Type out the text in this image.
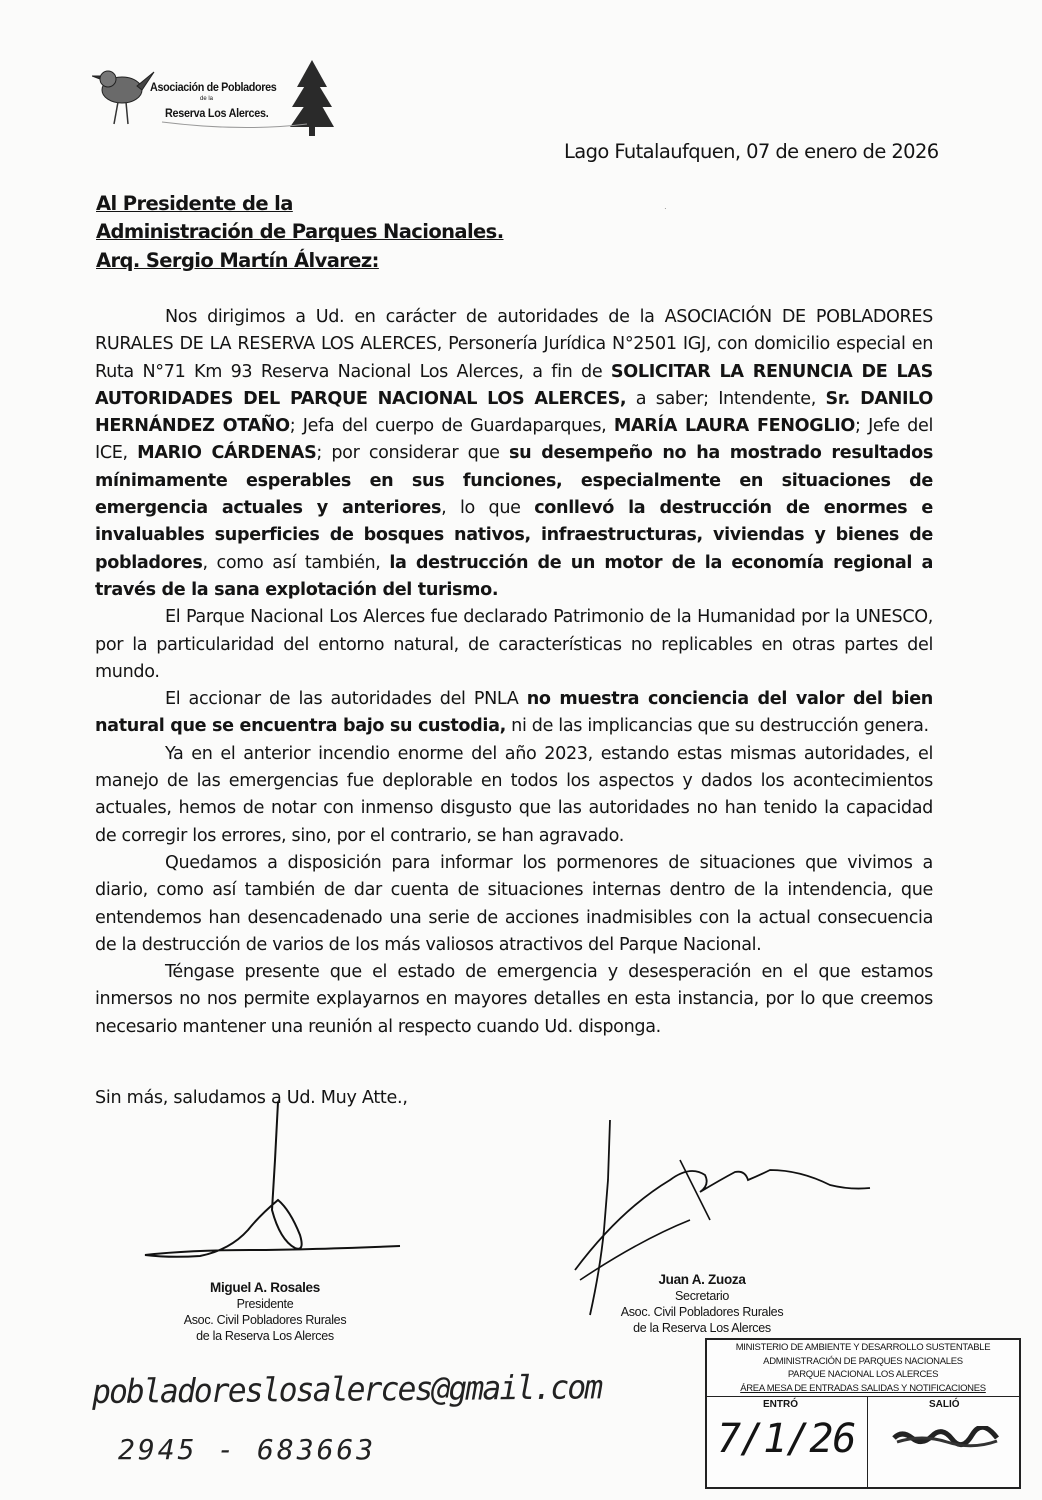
Asociación de Pobladores
de la
Reserva Los Alerces.
·
Lago Futalaufquen, 07 de enero de 2026
Al Presidente de la
Administración de Parques Nacionales.
Arq. Sergio Martín Álvarez:

Nos dirigimos a Ud. en carácter de autoridades de la ASOCIACIÓN DE POBLADORES RURALES DE LA RESERVA LOS ALERCES, Personería Jurídica N°2501 IGJ, con domicilio especial en Ruta N°71 Km 93 Reserva Nacional Los Alerces, a fin de SOLICITAR LA RENUNCIA DE LAS AUTORIDADES DEL PARQUE NACIONAL LOS ALERCES, a saber; Intendente, Sr. DANILO HERNÁNDEZ OTAÑO; Jefa del cuerpo de Guardaparques, MARÍA LAURA FENOGLIO; Jefe del ICE, MARIO CÁRDENAS; por considerar que su desempeño no ha mostrado resultados mínimamente esperables en sus funciones, especialmente en situaciones de emergencia actuales y anteriores, lo que conllevó la destrucción de enormes e invaluables superficies de bosques nativos, infraestructuras, viviendas y bienes de pobladores, como así también, la destrucción de un motor de la economía regional a través de la sana explotación del turismo.

El Parque Nacional Los Alerces fue declarado Patrimonio de la Humanidad por la UNESCO, por la particularidad del entorno natural, de características no replicables en otras partes del mundo.

El accionar de las autoridades del PNLA no muestra conciencia del valor del bien natural que se encuentra bajo su custodia, ni de las implicancias que su destrucción genera.

Ya en el anterior incendio enorme del año 2023, estando estas mismas autoridades, el manejo de las emergencias fue deplorable en todos los aspectos y dados los acontecimientos actuales, hemos de notar con inmenso disgusto que las autoridades no han tenido la capacidad de corregir los errores, sino, por el contrario, se han agravado.

Quedamos a disposición para informar los pormenores de situaciones que vivimos a diario, como así también de dar cuenta de situaciones internas dentro de la intendencia, que entendemos han desencadenado una serie de acciones inadmisibles con la actual consecuencia de la destrucción de varios de los más valiosos atractivos del Parque Nacional.

Téngase presente que el estado de emergencia y desesperación en el que estamos inmersos no nos permite explayarnos en mayores detalles en esta instancia, por lo que creemos necesario mantener una reunión al respecto cuando Ud. disponga.

Sin más, saludamos a Ud. Muy Atte.,
Miguel A. Rosales
Presidente
Asoc. Civil Pobladores Rurales
de la Reserva Los Alerces
Juan A. Zuoza
Secretario
Asoc. Civil Pobladores Rurales
de la Reserva Los Alerces
pobladoreslosalerces@gmail.com
2945 - 683663
MINISTERIO DE AMBIENTE Y DESARROLLO SUSTENTABLE
ADMINISTRACIÓN DE PARQUES NACIONALES
PARQUE NACIONAL LOS ALERCES
ÁREA MESA DE ENTRADAS SALIDAS Y NOTIFICACIONES
ENTRÓ	SALIÓ
7/1/26
